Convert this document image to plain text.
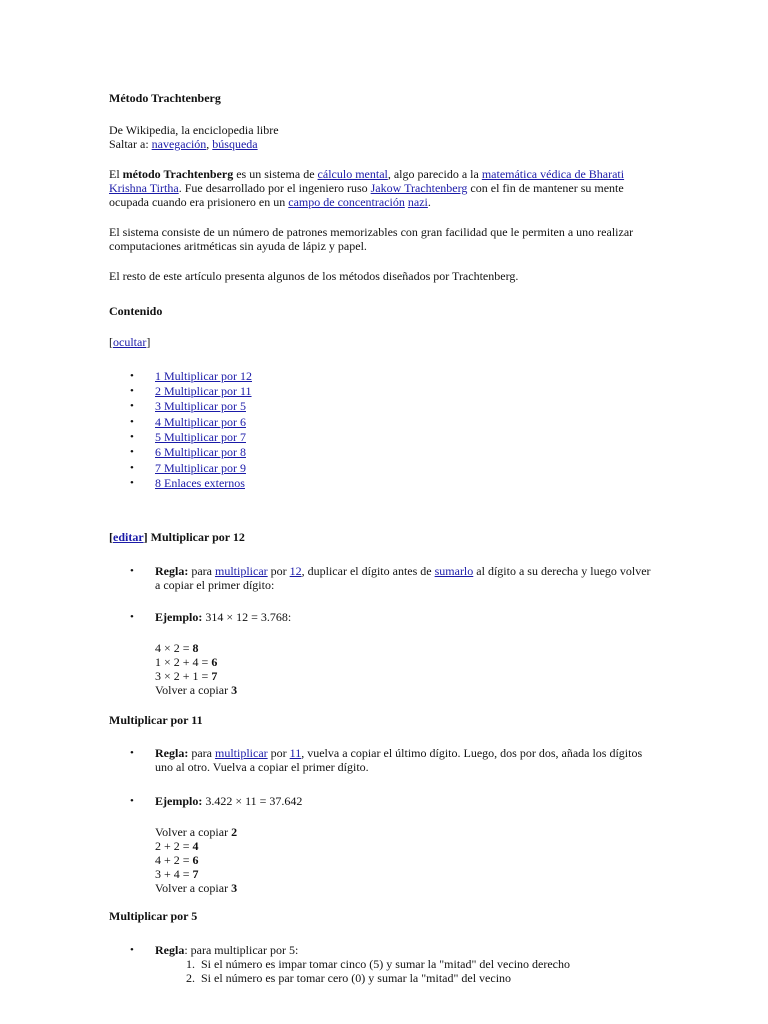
Método Trachtenberg
De Wikipedia, la enciclopedia libre
Saltar a: navegación, búsqueda
El método Trachtenberg es un sistema de cálculo mental, algo parecido a la matemática védica de Bharati Krishna Tirtha. Fue desarrollado por el ingeniero ruso Jakow Trachtenberg con el fin de mantener su mente ocupada cuando era prisionero en un campo de concentración nazi.
El sistema consiste de un número de patrones memorizables con gran facilidad que le permiten a uno realizar computaciones aritméticas sin ayuda de lápiz y papel.
El resto de este artículo presenta algunos de los métodos diseñados por Trachtenberg.
Contenido
[ocultar]
•	1 Multiplicar por 12
•	2 Multiplicar por 11
•	3 Multiplicar por 5
•	4 Multiplicar por 6
•	5 Multiplicar por 7
•	6 Multiplicar por 8
•	7 Multiplicar por 9
•	8 Enlaces externos
[editar] Multiplicar por 12
•	Regla: para multiplicar por 12, duplicar el dígito antes de sumarlo al dígito a su derecha y luego volver a copiar el primer dígito:
•	Ejemplo: 314 × 12 = 3.768:
4 × 2 = 8
1 × 2 + 4 = 6
3 × 2 + 1 = 7
Volver a copiar 3
Multiplicar por 11
•	Regla: para multiplicar por 11, vuelva a copiar el último dígito. Luego, dos por dos, añada los dígitos uno al otro. Vuelva a copiar el primer dígito.
•	Ejemplo: 3.422 × 11 = 37.642
Volver a copiar 2
2 + 2 = 4
4 + 2 = 6
3 + 4 = 7
Volver a copiar 3
Multiplicar por 5
•	Regla: para multiplicar por 5:
1. Si el número es impar tomar cinco (5) y sumar la "mitad" del vecino derecho
2. Si el número es par tomar cero (0) y sumar la "mitad" del vecino
